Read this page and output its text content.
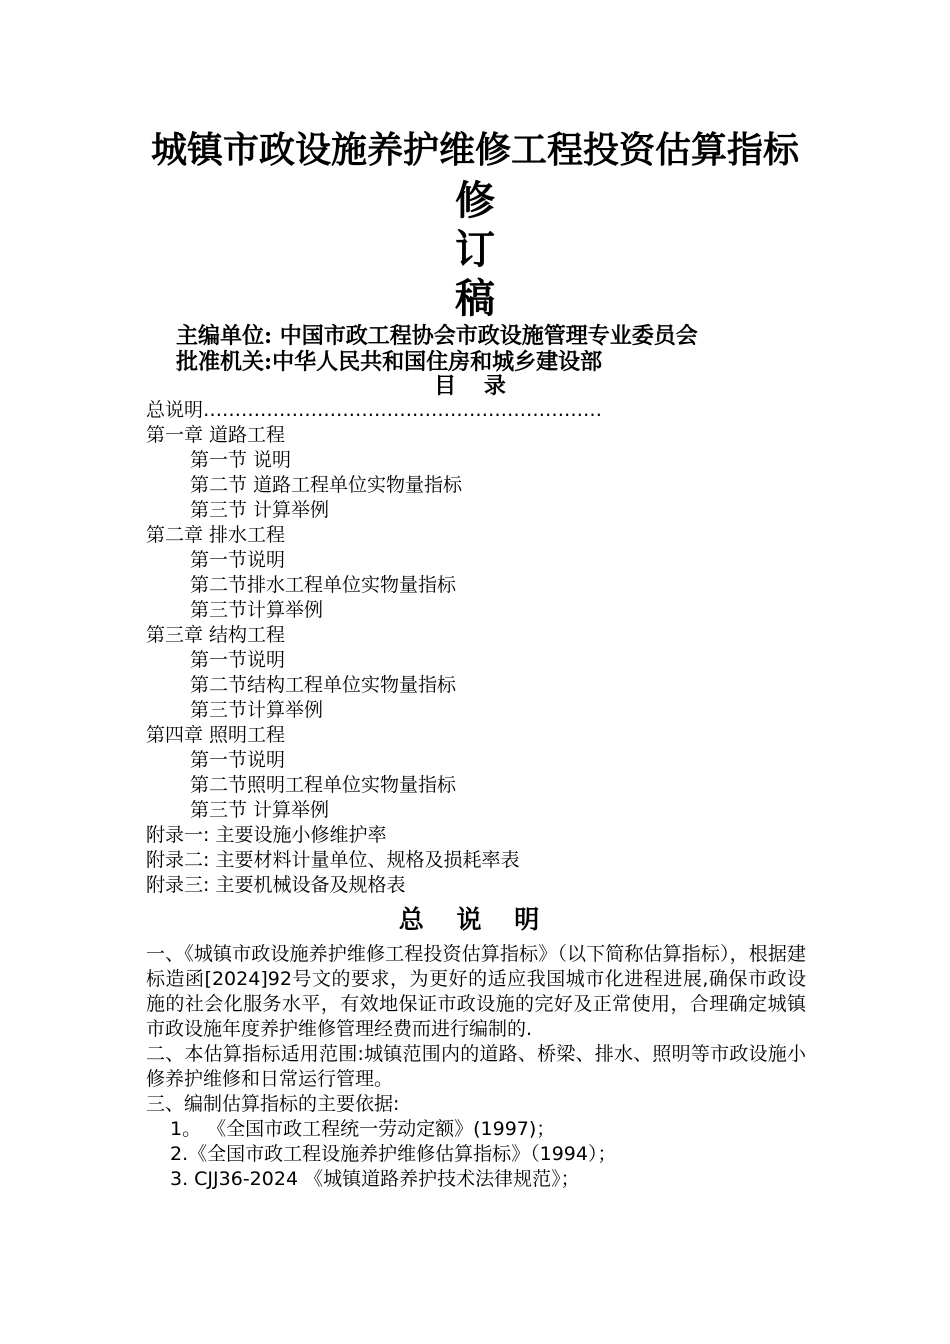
城镇市政设施养护维修工程投资估算指标
修
订
稿
主编单位: 中国市政工程协会市政设施管理专业委员会
批准机关:中华人民共和国住房和城乡建设部
目 录
总说明………………………………………………………
第一章 道路工程
第一节 说明
第二节 道路工程单位实物量指标
第三节 计算举例
第二章 排水工程
第一节说明
第二节排水工程单位实物量指标
第三节计算举例
第三章 结构工程
第一节说明
第二节结构工程单位实物量指标
第三节计算举例
第四章 照明工程
第一节说明
第二节照明工程单位实物量指标
第三节 计算举例
附录一: 主要设施小修维护率
附录二: 主要材料计量单位、规格及损耗率表
附录三: 主要机械设备及规格表
总 说 明

一、《城镇市政设施养护维修工程投资估算指标》（以下简称估算指标），根据建标造函[2024]92号文的要求，为更好的适应我国城市化进程进展,确保市政设施的社会化服务水平，有效地保证市政设施的完好及正常使用，合理确定城镇市政设施年度养护维修管理经费而进行编制的.

二、本估算指标适用范围:城镇范围内的道路、桥梁、排水、照明等市政设施小修养护维修和日常运行管理。

三、编制估算指标的主要依据:

1。 《全国市政工程统一劳动定额》(1997)；

2.《全国市政工程设施养护维修估算指标》（1994）；

3. CJJ36-2024 《城镇道路养护技术法律规范》；
